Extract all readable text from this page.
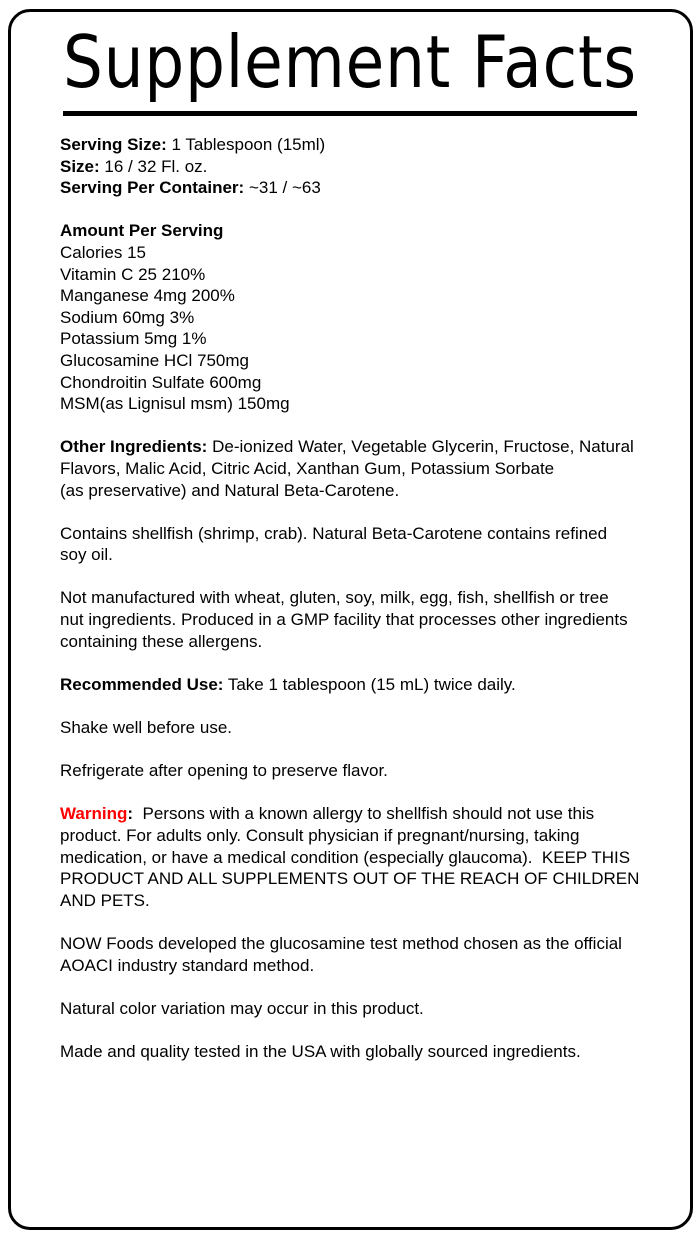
Supplement Facts

Serving Size: 1 Tablespoon (15ml)
Size: 16 / 32 Fl. oz.
Serving Per Container: ~31 / ~63

Amount Per Serving
Calories 15
Vitamin C 25 210%
Manganese 4mg 200%
Sodium 60mg 3%
Potassium 5mg 1%
Glucosamine HCl 750mg
Chondroitin Sulfate 600mg
MSM(as Lignisul msm) 150mg

Other Ingredients: De-ionized Water, Vegetable Glycerin, Fructose, Natural
Flavors, Malic Acid, Citric Acid, Xanthan Gum, Potassium Sorbate
(as preservative) and Natural Beta-Carotene.

Contains shellfish (shrimp, crab). Natural Beta-Carotene contains refined
soy oil.

Not manufactured with wheat, gluten, soy, milk, egg, fish, shellfish or tree
nut ingredients. Produced in a GMP facility that processes other ingredients
containing these allergens.

Recommended Use: Take 1 tablespoon (15 mL) twice daily.

Shake well before use.

Refrigerate after opening to preserve flavor.

Warning:  Persons with a known allergy to shellfish should not use this
product. For adults only. Consult physician if pregnant/nursing, taking
medication, or have a medical condition (especially glaucoma).  KEEP THIS
PRODUCT AND ALL SUPPLEMENTS OUT OF THE REACH OF CHILDREN
AND PETS.

NOW Foods developed the glucosamine test method chosen as the official
AOACI industry standard method.

Natural color variation may occur in this product.

Made and quality tested in the USA with globally sourced ingredients.
